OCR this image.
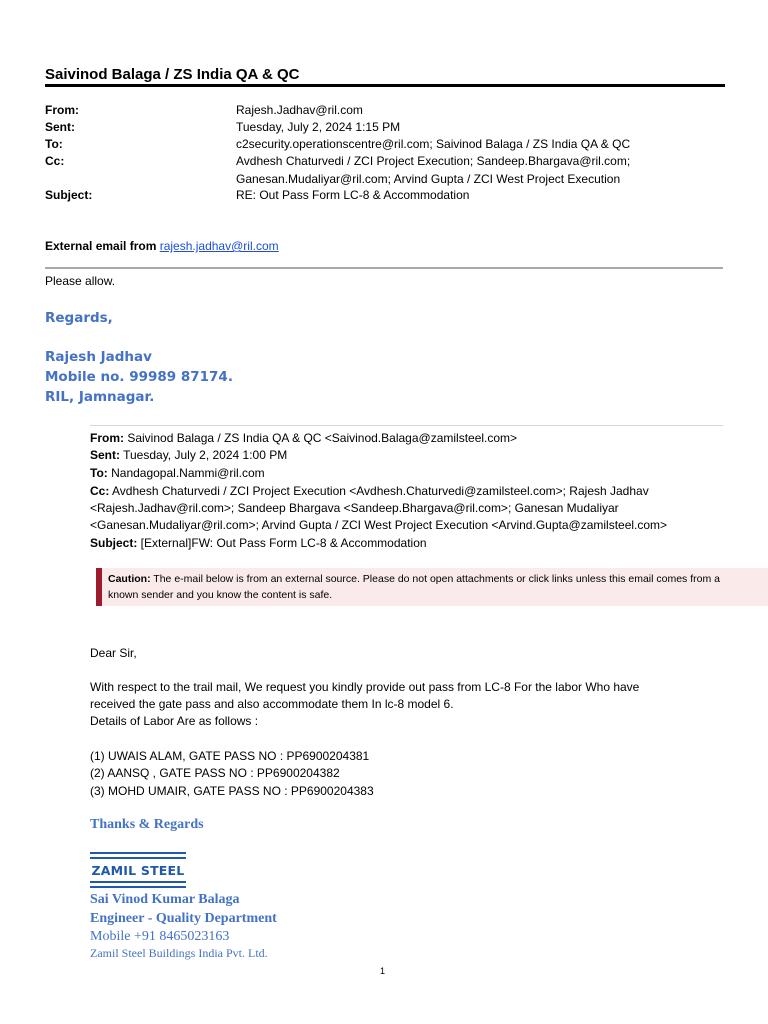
Saivinod Balaga / ZS India QA & QC
From:	Rajesh.Jadhav@ril.com
Sent:	Tuesday, July 2, 2024 1:15 PM
To:	c2security.operationscentre@ril.com; Saivinod Balaga / ZS India QA & QC
Cc:	Avdhesh Chaturvedi / ZCI Project Execution; Sandeep.Bhargava@ril.com;
Ganesan.Mudaliyar@ril.com; Arvind Gupta / ZCI West Project Execution
Subject:	RE: Out Pass Form LC-8 & Accommodation
External email from rajesh.jadhav@ril.com
Please allow.
Regards,
Rajesh Jadhav
Mobile no. 99989 87174.
RIL, Jamnagar.
From: Saivinod Balaga / ZS India QA & QC <Saivinod.Balaga@zamilsteel.com>
Sent: Tuesday, July 2, 2024 1:00 PM
To: Nandagopal.Nammi@ril.com
Cc: Avdhesh Chaturvedi / ZCI Project Execution <Avdhesh.Chaturvedi@zamilsteel.com>; Rajesh Jadhav
<Rajesh.Jadhav@ril.com>; Sandeep Bhargava <Sandeep.Bhargava@ril.com>; Ganesan Mudaliyar
<Ganesan.Mudaliyar@ril.com>; Arvind Gupta / ZCI West Project Execution <Arvind.Gupta@zamilsteel.com>
Subject: [External]FW: Out Pass Form LC-8 & Accommodation
Caution: The e-mail below is from an external source. Please do not open attachments or click links unless this email comes from a
known sender and you know the content is safe.
Dear Sir,
With respect to the trail mail, We request you kindly provide out pass from LC-8 For the labor Who have
received the gate pass and also accommodate them In lc-8 model 6.
Details of Labor Are as follows :
(1) UWAIS ALAM, GATE PASS NO : PP6900204381
(2) AANSQ , GATE PASS NO : PP6900204382
(3) MOHD UMAIR, GATE PASS NO : PP6900204383
Thanks & Regards
ZAMIL STEEL
Sai Vinod Kumar Balaga
Engineer - Quality Department
Mobile +91 8465023163
Zamil Steel Buildings India Pvt. Ltd.
1
